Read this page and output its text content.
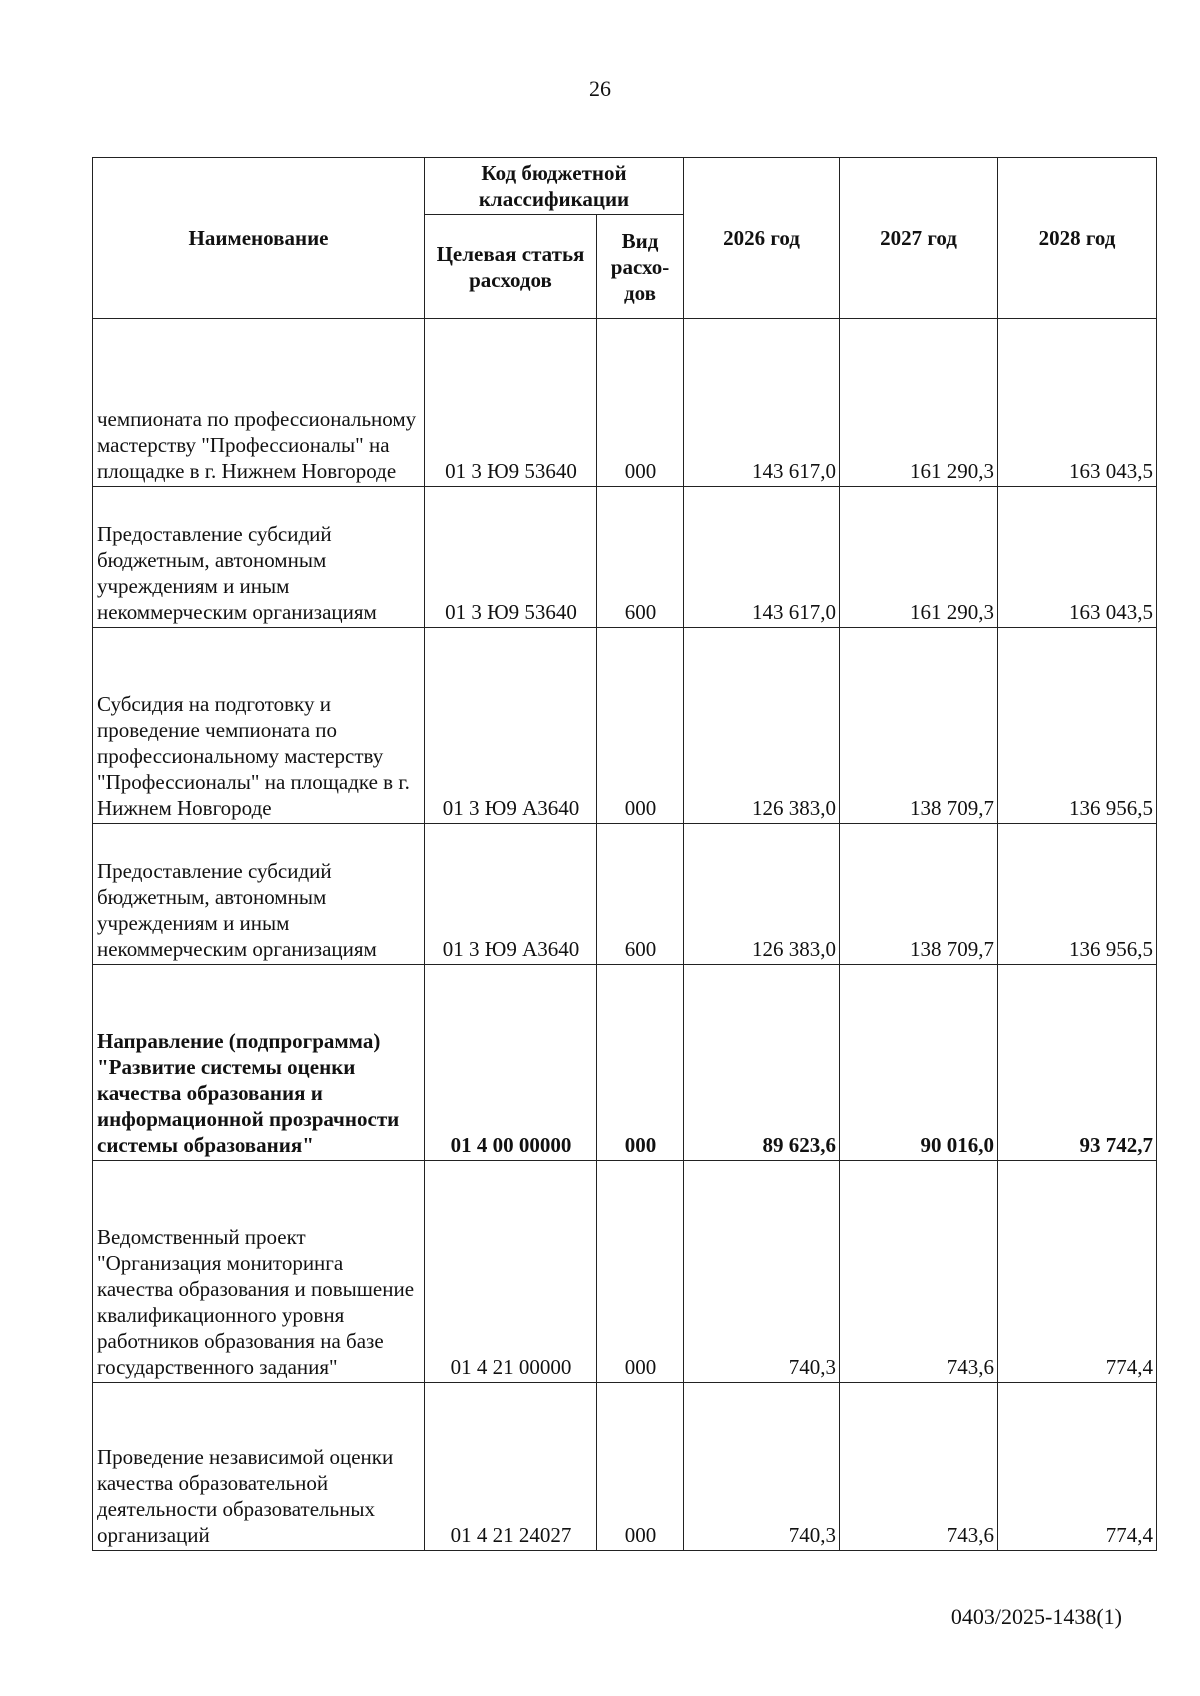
26
Наименование	Код бюджетной классификации		2026 год	2027 год	2028 год
	Целевая статья расходов	Вид расхо-дов			
чемпионата по профессиональному мастерству "Профессионалы" на площадке в г. Нижнем Новгороде	01 3 Ю9 53640	000	143 617,0	161 290,3	163 043,5
Предоставление субсидий бюджетным, автономным учреждениям и иным некоммерческим организациям	01 3 Ю9 53640	600	143 617,0	161 290,3	163 043,5
Субсидия на подготовку и проведение чемпионата по профессиональному мастерству "Профессионалы" на площадке в г. Нижнем Новгороде	01 3 Ю9 А3640	000	126 383,0	138 709,7	136 956,5
Предоставление субсидий бюджетным, автономным учреждениям и иным некоммерческим организациям	01 3 Ю9 А3640	600	126 383,0	138 709,7	136 956,5
Направление (подпрограмма) "Развитие системы оценки качества образования и информационной прозрачности системы образования"	01 4 00 00000	000	89 623,6	90 016,0	93 742,7
Ведомственный проект "Организация мониторинга качества образования и повышение квалификационного уровня работников образования на базе государственного задания"	01 4 21 00000	000	740,3	743,6	774,4
Проведение независимой оценки качества образовательной деятельности образовательных организаций	01 4 21 24027	000	740,3	743,6	774,4
0403/2025-1438(1)
